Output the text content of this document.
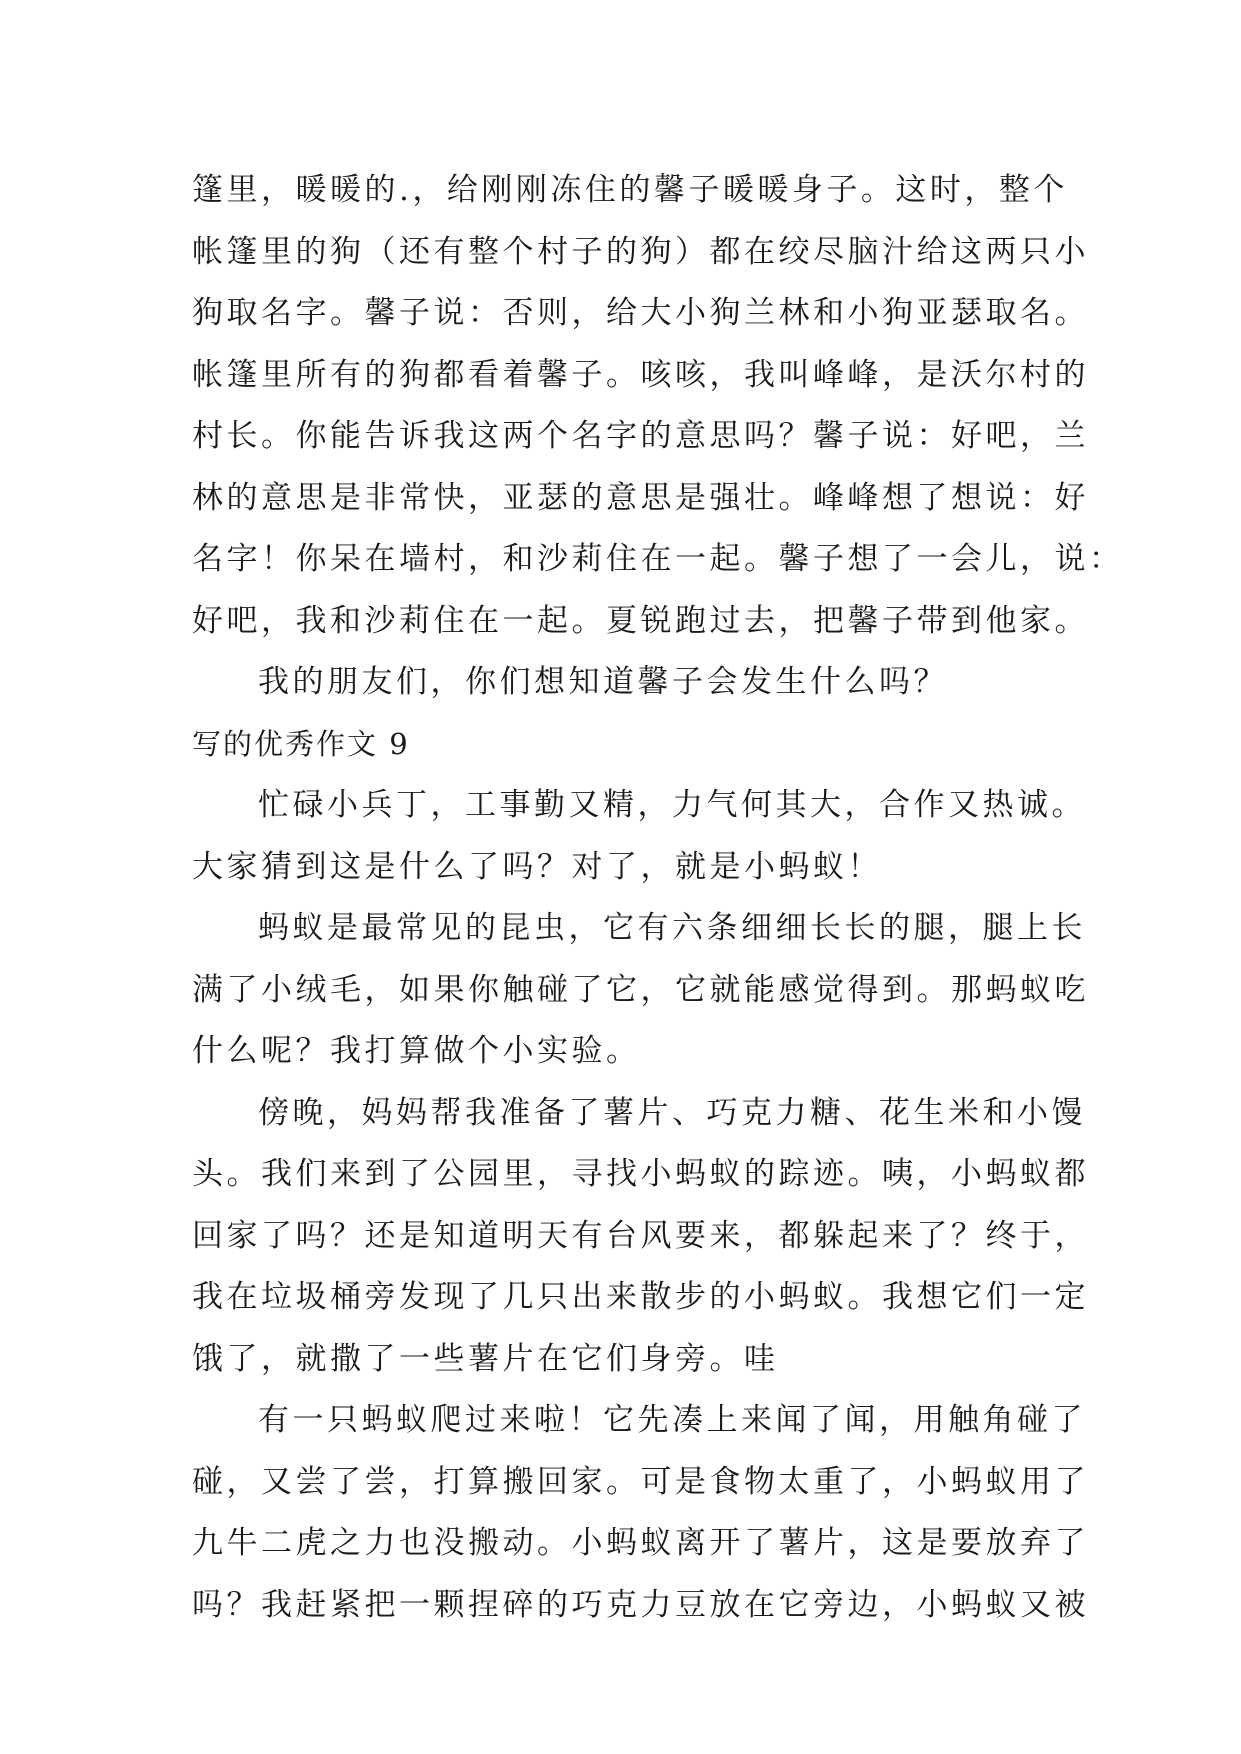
篷里，暖暖的.，给刚刚冻住的馨子暖暖身子。这时，整个
帐篷里的狗（还有整个村子的狗）都在绞尽脑汁给这两只小
狗取名字。馨子说：否则，给大小狗兰林和小狗亚瑟取名。
帐篷里所有的狗都看着馨子。咳咳，我叫峰峰，是沃尔村的
村长。你能告诉我这两个名字的意思吗？馨子说：好吧，兰
林的意思是非常快，亚瑟的意思是强壮。峰峰想了想说：好
名字！你呆在墙村，和沙莉住在一起。馨子想了一会儿，说：
好吧，我和沙莉住在一起。夏锐跑过去，把馨子带到他家。
我的朋友们，你们想知道馨子会发生什么吗？
写的优秀作文 9
忙碌小兵丁，工事勤又精，力气何其大，合作又热诚。
大家猜到这是什么了吗？对了，就是小蚂蚁！
蚂蚁是最常见的昆虫，它有六条细细长长的腿，腿上长
满了小绒毛，如果你触碰了它，它就能感觉得到。那蚂蚁吃
什么呢？我打算做个小实验。
傍晚，妈妈帮我准备了薯片、巧克力糖、花生米和小馒
头。我们来到了公园里，寻找小蚂蚁的踪迹。咦，小蚂蚁都
回家了吗？还是知道明天有台风要来，都躲起来了？终于，
我在垃圾桶旁发现了几只出来散步的小蚂蚁。我想它们一定
饿了，就撒了一些薯片在它们身旁。哇
有一只蚂蚁爬过来啦！它先凑上来闻了闻，用触角碰了
碰，又尝了尝，打算搬回家。可是食物太重了，小蚂蚁用了
九牛二虎之力也没搬动。小蚂蚁离开了薯片，这是要放弃了
吗？我赶紧把一颗捏碎的巧克力豆放在它旁边，小蚂蚁又被
